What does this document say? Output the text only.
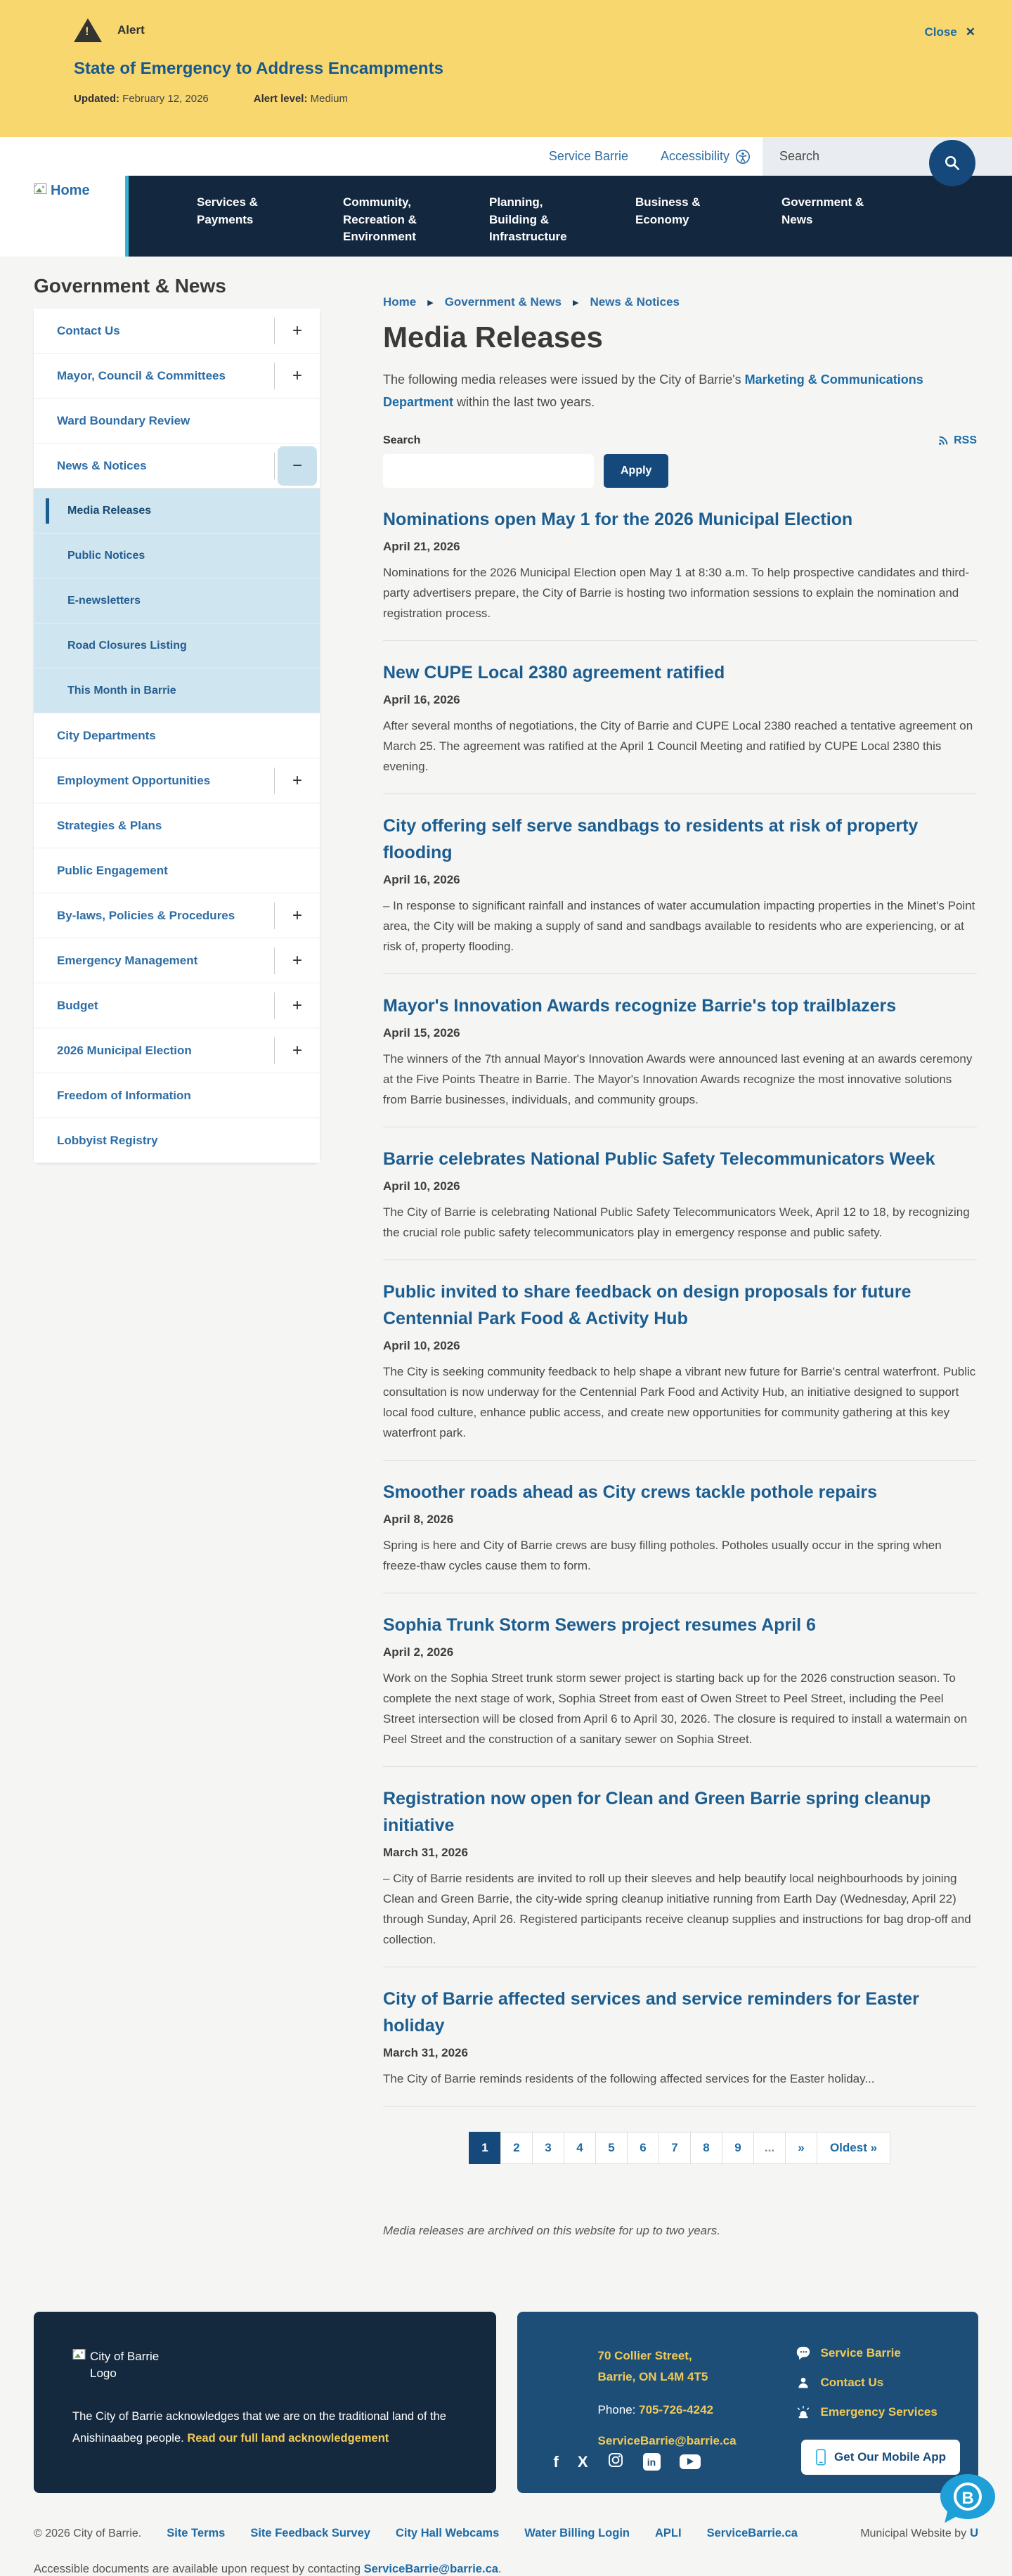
! Alert	Close ✕
State of Emergency to Address Encampments
Updated: February 12, 2026	Alert level: Medium
Service Barrie	Accessibility
Search
Home
Services & Payments
Community, Recreation & Environment
Planning, Building & Infrastructure
Business & Economy
Government & News
Government & News
Contact Us	+
Mayor, Council & Committees	+
Ward Boundary Review
News & Notices	−
Media Releases
Public Notices
E-newsletters
Road Closures Listing
This Month in Barrie
City Departments
Employment Opportunities	+
Strategies & Plans
Public Engagement
By-laws, Policies & Procedures	+
Emergency Management	+
Budget	+
2026 Municipal Election	+
Freedom of Information
Lobbyist Registry
Home ▶ Government & News ▶ News & Notices
Media Releases

The following media releases were issued by the City of Barrie's Marketing & Communications Department within the last two years.

Search	RSS
Apply
Nominations open May 1 for the 2026 Municipal Election
April 21, 2026

Nominations for the 2026 Municipal Election open May 1 at 8:30 a.m. To help prospective candidates and third-party advertisers prepare, the City of Barrie is hosting two information sessions to explain the nomination and registration process.

New CUPE Local 2380 agreement ratified
April 16, 2026

After several months of negotiations, the City of Barrie and CUPE Local 2380 reached a tentative agreement on March 25. The agreement was ratified at the April 1 Council Meeting and ratified by CUPE Local 2380 this evening.

City offering self serve sandbags to residents at risk of property flooding
April 16, 2026

– In response to significant rainfall and instances of water accumulation impacting properties in the Minet's Point area, the City will be making a supply of sand and sandbags available to residents who are experiencing, or at risk of, property flooding.

Mayor's Innovation Awards recognize Barrie's top trailblazers
April 15, 2026

The winners of the 7th annual Mayor's Innovation Awards were announced last evening at an awards ceremony at the Five Points Theatre in Barrie. The Mayor's Innovation Awards recognize the most innovative solutions from Barrie businesses, individuals, and community groups.

Barrie celebrates National Public Safety Telecommunicators Week
April 10, 2026

The City of Barrie is celebrating National Public Safety Telecommunicators Week, April 12 to 18, by recognizing the crucial role public safety telecommunicators play in emergency response and public safety.

Public invited to share feedback on design proposals for future Centennial Park Food & Activity Hub
April 10, 2026

The City is seeking community feedback to help shape a vibrant new future for Barrie's central waterfront. Public consultation is now underway for the Centennial Park Food and Activity Hub, an initiative designed to support local food culture, enhance public access, and create new opportunities for community gathering at this key waterfront park.

Smoother roads ahead as City crews tackle pothole repairs
April 8, 2026

Spring is here and City of Barrie crews are busy filling potholes. Potholes usually occur in the spring when freeze-thaw cycles cause them to form.

Sophia Trunk Storm Sewers project resumes April 6
April 2, 2026

Work on the Sophia Street trunk storm sewer project is starting back up for the 2026 construction season. To complete the next stage of work, Sophia Street from east of Owen Street to Peel Street, including the Peel Street intersection will be closed from April 6 to April 30, 2026. The closure is required to install a watermain on Peel Street and the construction of a sanitary sewer on Sophia Street.

Registration now open for Clean and Green Barrie spring cleanup initiative
March 31, 2026

– City of Barrie residents are invited to roll up their sleeves and help beautify local neighbourhoods by joining Clean and Green Barrie, the city-wide spring cleanup initiative running from Earth Day (Wednesday, April 22) through Sunday, April 26. Registered participants receive cleanup supplies and instructions for bag drop-off and collection.

City of Barrie affected services and service reminders for Easter holiday
March 31, 2026

The City of Barrie reminds residents of the following affected services for the Easter holiday...

1	2	3	4	5	6	7	8	9	...	»	Oldest »

Media releases are archived on this website for up to two years.

City of Barrie
Logo

The City of Barrie acknowledges that we are on the traditional land of the Anishinaabeg people. Read our full land acknowledgement

70 Collier Street,
Barrie, ON L4M 4T5
Phone: 705-726-4242
ServiceBarrie@barrie.ca
Service Barrie
Contact Us
Emergency Services
f X	in	Get Our Mobile App
© 2026 City of Barrie. Site Terms Site Feedback Survey City Hall Webcams Water Billing Login APLI ServiceBarrie.ca	Municipal Website by U
Accessible documents are available upon request by contacting ServiceBarrie@barrie.ca.
B
